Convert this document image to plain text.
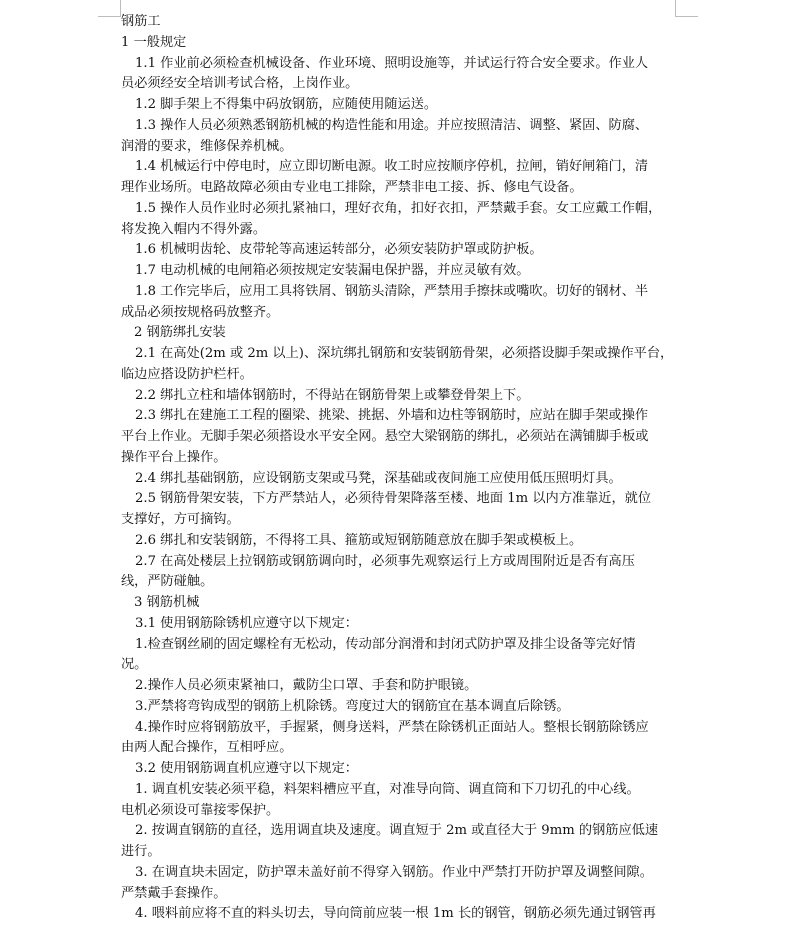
钢筋工
1 一般规定
1.1 作业前必须检查机械设备、作业环境、照明设施等，并试运行符合安全要求。作业人
员必须经安全培训考试合格，上岗作业。
1.2 脚手架上不得集中码放钢筋，应随使用随运送。
1.3 操作人员必须熟悉钢筋机械的构造性能和用途。并应按照清洁、调整、紧固、防腐、
润滑的要求，维修保养机械。
1.4 机械运行中停电时，应立即切断电源。收工时应按顺序停机，拉闸，销好闸箱门，清
理作业场所。电路故障必须由专业电工排除，严禁非电工接、拆、修电气设备。
1.5 操作人员作业时必须扎紧袖口，理好衣角，扣好衣扣，严禁戴手套。女工应戴工作帽，
将发挽入帽内不得外露。
1.6 机械明齿轮、皮带轮等高速运转部分，必须安装防护罩或防护板。
1.7 电动机械的电闸箱必须按规定安装漏电保护器，并应灵敏有效。
1.8 工作完毕后，应用工具将铁屑、钢筋头清除，严禁用手擦抹或嘴吹。切好的钢材、半
成品必须按规格码放整齐。
2 钢筋绑扎安装
2.1 在高处(2m 或 2m 以上)、深坑绑扎钢筋和安装钢筋骨架，必须搭设脚手架或操作平台，
临边应搭设防护栏杆。
2.2 绑扎立柱和墙体钢筋时，不得站在钢筋骨架上或攀登骨架上下。
2.3 绑扎在建施工工程的圈梁、挑梁、挑据、外墙和边柱等钢筋时，应站在脚手架或操作
平台上作业。无脚手架必须搭设水平安全网。悬空大梁钢筋的绑扎，必须站在满铺脚手板或
操作平台上操作。
2.4 绑扎基础钢筋，应设钢筋支架或马凳，深基础或夜间施工应使用低压照明灯具。
2.5 钢筋骨架安装，下方严禁站人，必须待骨架降落至楼、地面 1m 以内方准靠近，就位
支撑好，方可摘钩。
2.6 绑扎和安装钢筋，不得将工具、箍筋或短钢筋随意放在脚手架或模板上。
2.7 在高处楼层上拉钢筋或钢筋调向时，必须事先观察运行上方或周围附近是否有高压
线，严防碰触。
3 钢筋机械
3.1 使用钢筋除锈机应遵守以下规定：
1.检查钢丝刷的固定螺栓有无松动，传动部分润滑和封闭式防护罩及排尘设备等完好情
况。
2.操作人员必须束紧袖口，戴防尘口罩、手套和防护眼镜。
3.严禁将弯钩成型的钢筋上机除锈。弯度过大的钢筋宜在基本调直后除锈。
4.操作时应将钢筋放平，手握紧，侧身送料，严禁在除锈机正面站人。整根长钢筋除锈应
由两人配合操作，互相呼应。
3.2 使用钢筋调直机应遵守以下规定：
1. 调直机安装必须平稳，料架料槽应平直，对准导向筒、调直筒和下刀切孔的中心线。
电机必须设可靠接零保护。
2. 按调直钢筋的直径，选用调直块及速度。调直短于 2m 或直径大于 9mm 的钢筋应低速
进行。
3. 在调直块未固定，防护罩未盖好前不得穿入钢筋。作业中严禁打开防护罩及调整间隙。
严禁戴手套操作。
4. 喂料前应将不直的料头切去，导向筒前应装一根 1m 长的钢管，钢筋必须先通过钢管再
